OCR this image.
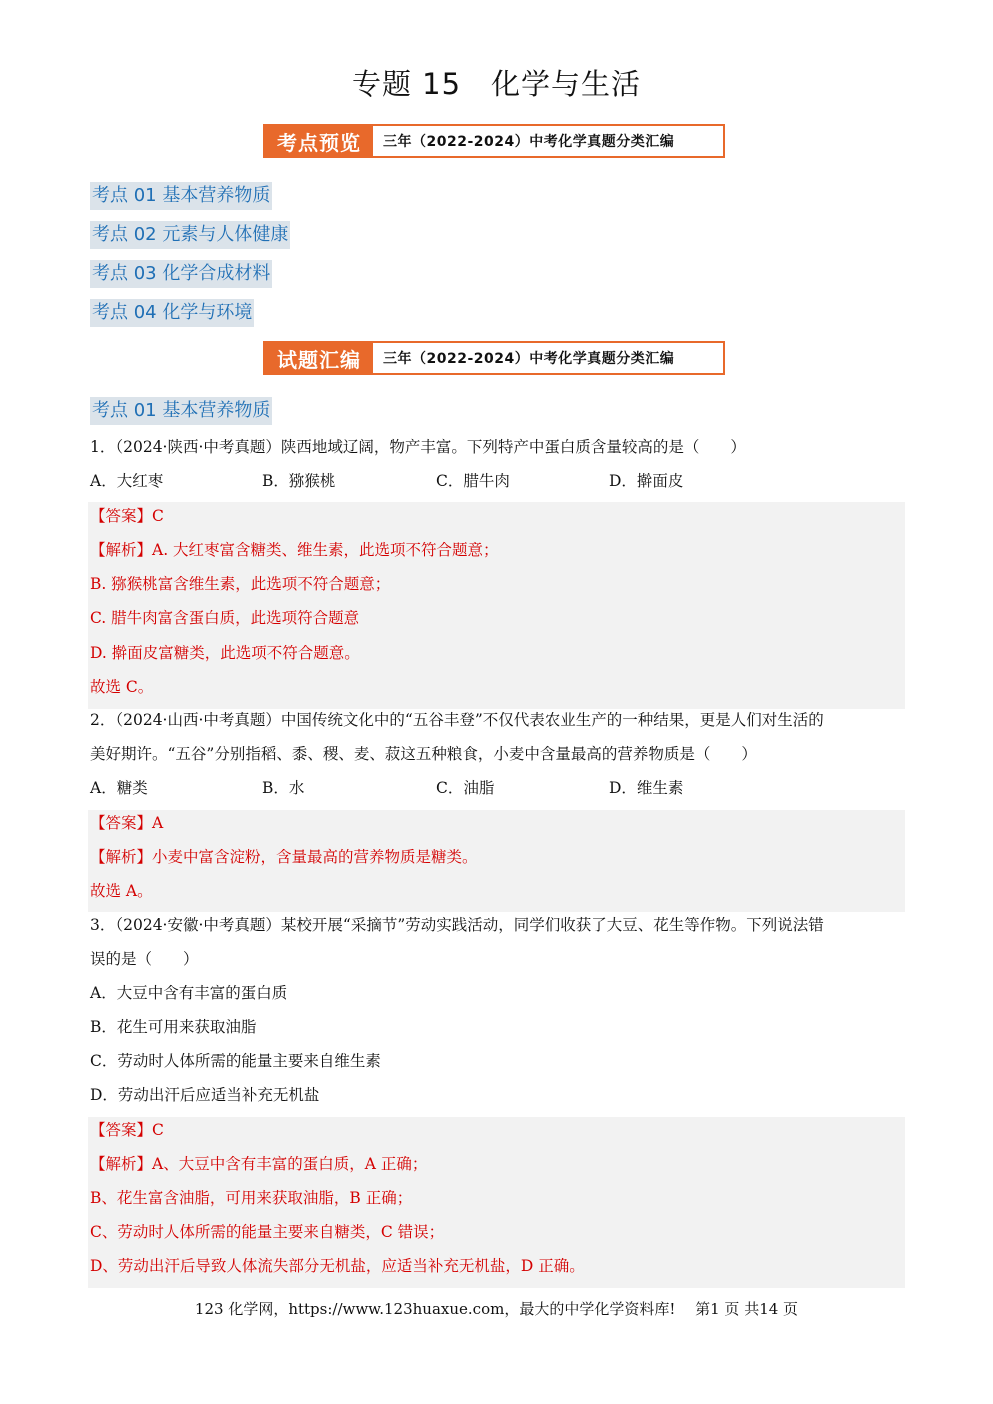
专题 15　化学与生活
考点预览	三年（2022-2024）中考化学真题分类汇编
考点 01 基本营养物质
考点 02 元素与人体健康
考点 03 化学合成材料
考点 04 化学与环境
试题汇编	三年（2022-2024）中考化学真题分类汇编
考点 01 基本营养物质
1．（2024·陕西·中考真题）陕西地域辽阔，物产丰富。下列特产中蛋白质含量较高的是（　　）
A．大红枣	B．猕猴桃	C．腊牛肉	D．擀面皮
【答案】C
【解析】A. 大红枣富含糖类、维生素，此选项不符合题意；
B. 猕猴桃富含维生素，此选项不符合题意；
C. 腊牛肉富含蛋白质，此选项符合题意
D. 擀面皮富糖类，此选项不符合题意。
故选 C。
2．（2024·山西·中考真题）中国传统文化中的“五谷丰登”不仅代表农业生产的一种结果，更是人们对生活的
美好期许。“五谷”分别指稻、黍、稷、麦、菽这五种粮食，小麦中含量最高的营养物质是（　　）
A．糖类	B．水	C．油脂	D．维生素
【答案】A
【解析】小麦中富含淀粉，含量最高的营养物质是糖类。
故选 A。
3．（2024·安徽·中考真题）某校开展“采摘节”劳动实践活动，同学们收获了大豆、花生等作物。下列说法错
误的是（　　）
A．大豆中含有丰富的蛋白质
B．花生可用来获取油脂
C．劳动时人体所需的能量主要来自维生素
D．劳动出汗后应适当补充无机盐
【答案】C
【解析】A、大豆中含有丰富的蛋白质，A 正确；
B、花生富含油脂，可用来获取油脂，B 正确；
C、劳动时人体所需的能量主要来自糖类，C 错误；
D、劳动出汗后导致人体流失部分无机盐，应适当补充无机盐，D 正确。
123 化学网，https://www.123huaxue.com，最大的中学化学资料库!　 第1 页 共14 页
